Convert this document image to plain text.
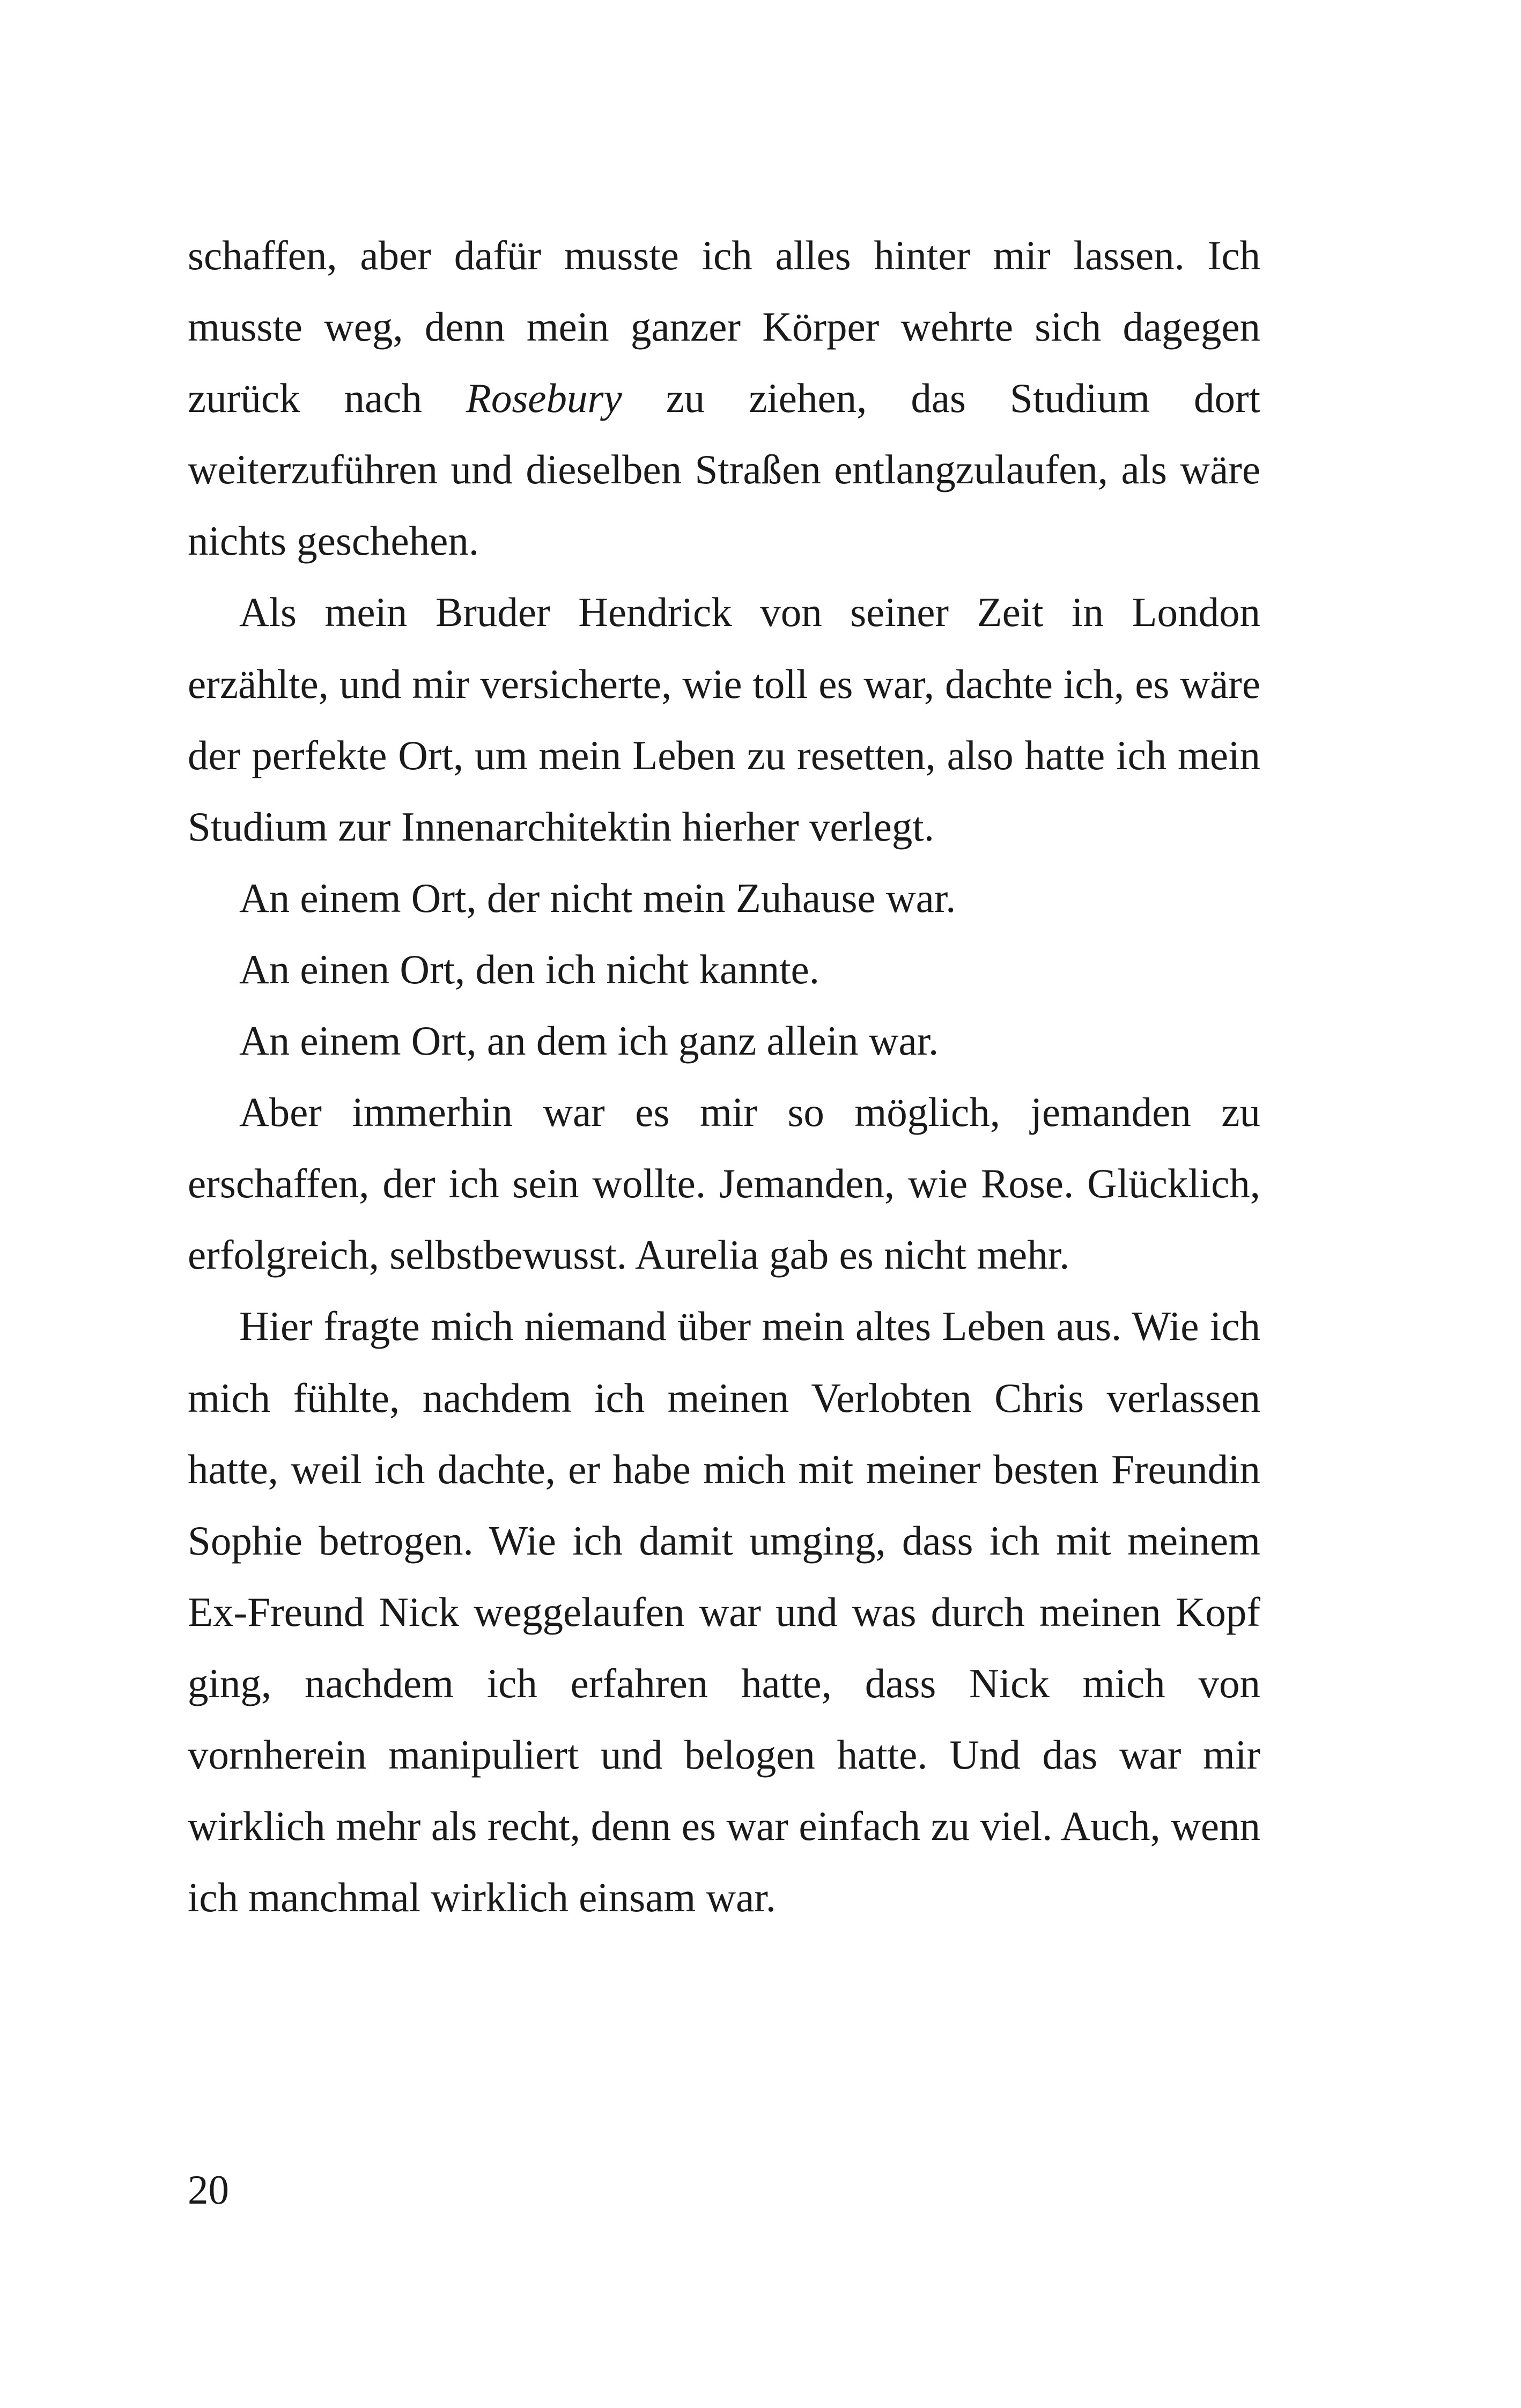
schaffen, aber dafür musste ich alles hinter mir lassen. Ich musste weg, denn mein ganzer Körper wehrte sich dagegen zurück nach Rosebury zu ziehen, das Studium dort weiterzuführen und dieselben Straßen entlangzulaufen, als wäre nichts geschehen.

Als mein Bruder Hendrick von seiner Zeit in London erzählte, und mir versicherte, wie toll es war, dachte ich, es wäre der perfekte Ort, um mein Leben zu resetten, also hatte ich mein Studium zur Innenarchitektin hierher verlegt.

An einem Ort, der nicht mein Zuhause war.

An einen Ort, den ich nicht kannte.

An einem Ort, an dem ich ganz allein war.

Aber immerhin war es mir so möglich, jemanden zu erschaffen, der ich sein wollte. Jemanden, wie Rose. Glücklich, erfolgreich, selbstbewusst. Aurelia gab es nicht mehr.

Hier fragte mich niemand über mein altes Leben aus. Wie ich mich fühlte, nachdem ich meinen Verlobten Chris verlassen hatte, weil ich dachte, er habe mich mit meiner besten Freundin Sophie betrogen. Wie ich damit umging, dass ich mit meinem Ex-Freund Nick weggelaufen war und was durch meinen Kopf ging, nachdem ich erfahren hatte, dass Nick mich von vornherein manipuliert und belogen hatte. Und das war mir wirklich mehr als recht, denn es war einfach zu viel. Auch, wenn ich manchmal wirklich einsam war.

20
